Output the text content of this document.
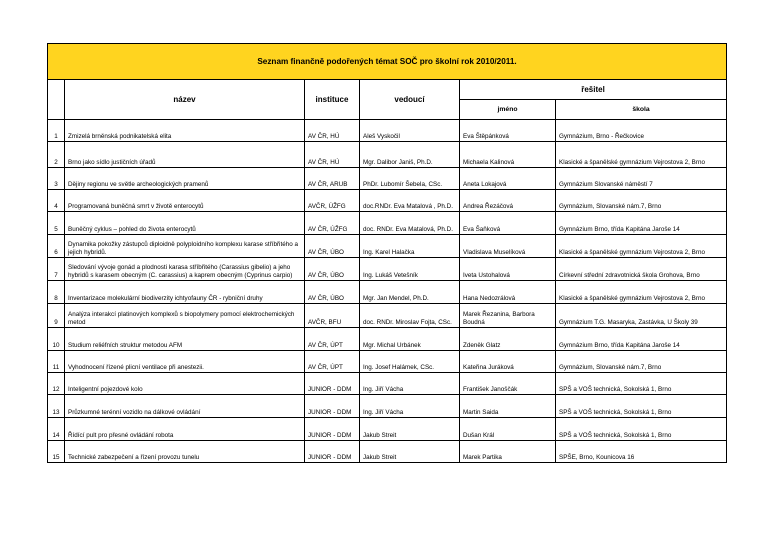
Seznam finančně podořených témat SOČ pro školní rok 2010/2011.					
	název	instituce	vedoucí	řešitel	
				jméno	škola
1	Zmizelá brněnská podnikatelská elita	AV ČR, HÚ	Aleš Vyskočil	Eva Štěpánková	Gymnázium, Brno - Řečkovice
2	Brno jako sídlo justičních úřadů	AV ČR, HÚ	Mgr. Dalibor Janiš, Ph.D.	Michaela Kalinová	Klasické a španělské gymnázium Vejrostova 2, Brno
3	Dějiny regionu ve světle archeologických pramenů	AV ČR, ARUB	PhDr. Lubomír Šebela, CSc.	Aneta Lokajová	Gymnázium Slovanské náměstí 7
4	Programovaná buněčná smrt v životě enterocytů	AVČR, ÚŽFG	doc.RNDr. Eva Matalová , Ph.D.	Andrea Řezáčová	Gymnázium, Slovanské nám.7, Brno
5	Buněčný cyklus – pohled do života enterocytů	AV ČR, ÚŽFG	doc. RNDr. Eva Matalová, Ph.D.	Eva Šaňková	Gymnázium Brno, třída Kapitána Jaroše 14
6	Dynamika pokožky zástupců diploidně polyploidního komplexu karase stříbřitého a jejich hybridů.	AV ČR, ÚBO	Ing. Karel Halačka	Vladislava Muselíková	Klasické a španělské gymnázium Vejrostova 2, Brno
7	Sledování vývoje gonád a plodnosti karasa stříbřitého (Carassius gibelio) a jeho hybridů s karasem obecným (C. carassius) a kaprem obecným (Cyprinus carpio)	AV ČR, ÚBO	Ing. Lukáš Vetešník	Iveta Ustohalová	Církevní střední zdravotnická škola Grohova, Brno
8	Inventarizace molekulární biodiverzity ichtyofauny ČR - rybniční druhy	AV ČR, ÚBO	Mgr. Jan Mendel, Ph.D.	Hana Nedozrálová	Klasické a španělské gymnázium Vejrostova 2, Brno
9	Analýza interakcí platinových komplexů s biopolymery pomocí elektrochemických metod	AVČR, BFU	doc. RNDr. Miroslav Fojta, CSc.	Marek Řezanina, Barbora Boudná	Gymnázium T.G. Masaryka, Zastávka, U Školy 39
10	Studium reliéfních struktur metodou AFM	AV ČR, ÚPT	Mgr. Michal Urbánek	Zdeněk Glatz	Gymnázium Brno, třída Kapitána Jaroše 14
11	Vyhodnocení řízené plicní ventilace při anestezii.	AV ČR, ÚPT	Ing. Josef Halámek, CSc.	Kateřina Juráková	Gymnázium, Slovanské nám.7, Brno
12	Inteligentní pojezdové kolo	JUNIOR - DDM	Ing. Jiří Vácha	František Janoščák	SPŠ a VOŠ technická, Sokolská 1, Brno
13	Průzkumné terénní vozidlo na dálkové ovládání	JUNIOR - DDM	Ing. Jiří Vácha	Martin Saida	SPŠ a VOŠ technická, Sokolská 1, Brno
14	Řídící pult pro přesné ovládání robota	JUNIOR - DDM	Jakub Streit	Dušan Král	SPŠ a VOŠ technická, Sokolská 1, Brno
15	Technické zabezpečení a řízení provozu tunelu	JUNIOR - DDM	Jakub Streit	Marek Partika	SPŠE, Brno, Kounicova 16
